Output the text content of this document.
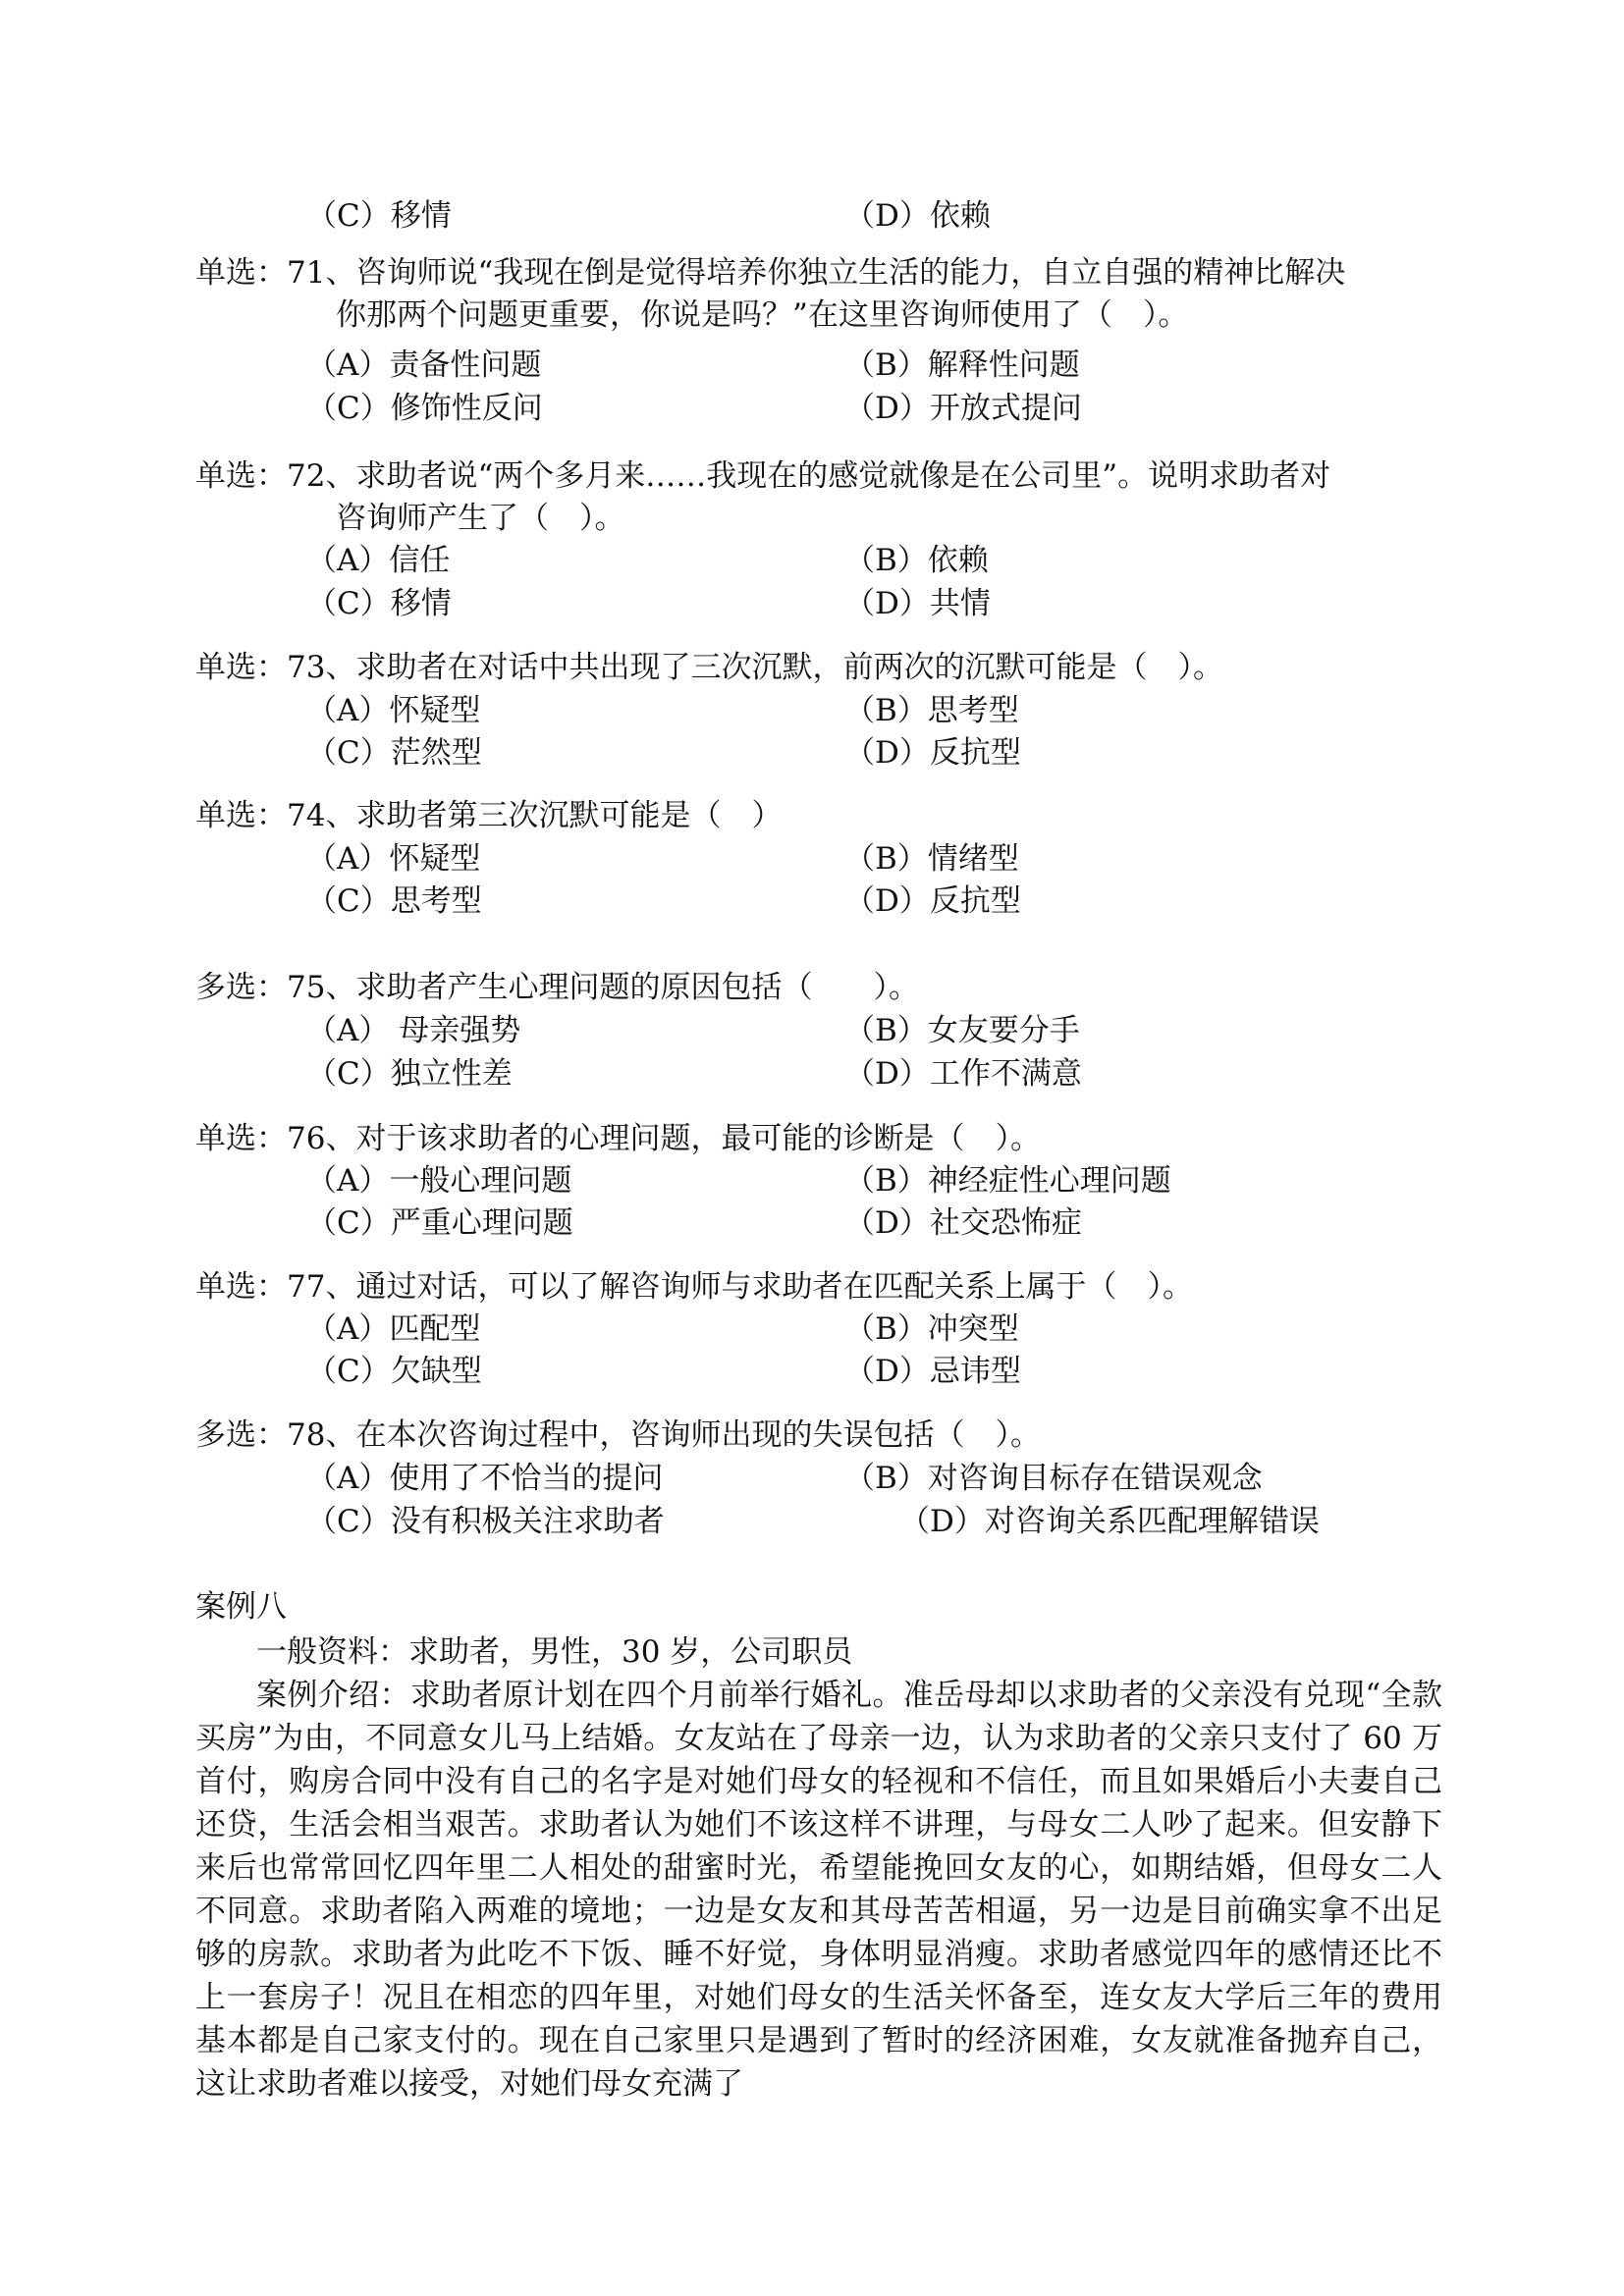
（C）移情	（D）依赖
单选：71、咨询师说“我现在倒是觉得培养你独立生活的能力，自立自强的精神比解决
你那两个问题更重要，你说是吗？”在这里咨询师使用了（　）。
（A）责备性问题	（B）解释性问题
（C）修饰性反问	（D）开放式提问
单选：72、求助者说“两个多月来……我现在的感觉就像是在公司里”。说明求助者对
咨询师产生了（　）。
（A）信任	（B）依赖
（C）移情	（D）共情
单选：73、求助者在对话中共出现了三次沉默，前两次的沉默可能是（　）。
（A）怀疑型	（B）思考型
（C）茫然型	（D）反抗型
单选：74、求助者第三次沉默可能是（　）
（A）怀疑型	（B）情绪型
（C）思考型	（D）反抗型
多选：75、求助者产生心理问题的原因包括（　　）。
（A） 母亲强势	（B）女友要分手
（C）独立性差	（D）工作不满意
单选：76、对于该求助者的心理问题，最可能的诊断是（　）。
（A）一般心理问题	（B）神经症性心理问题
（C）严重心理问题	（D）社交恐怖症
单选：77、通过对话，可以了解咨询师与求助者在匹配关系上属于（　）。
（A）匹配型	（B）冲突型
（C）欠缺型	（D）忌讳型
多选：78、在本次咨询过程中，咨询师出现的失误包括（　）。
（A）使用了不恰当的提问	（B）对咨询目标存在错误观念
（C）没有积极关注求助者	（D）对咨询关系匹配理解错误
案例八

一般资料：求助者，男性，30 岁，公司职员

案例介绍：求助者原计划在四个月前举行婚礼。准岳母却以求助者的父亲没有兑现“全款买房”为由，不同意女儿马上结婚。女友站在了母亲一边，认为求助者的父亲只支付了 60 万首付，购房合同中没有自己的名字是对她们母女的轻视和不信任，而且如果婚后小夫妻自己还贷，生活会相当艰苦。求助者认为她们不该这样不讲理，与母女二人吵了起来。但安静下来后也常常回忆四年里二人相处的甜蜜时光，希望能挽回女友的心，如期结婚，但母女二人不同意。求助者陷入两难的境地；一边是女友和其母苦苦相逼，另一边是目前确实拿不出足够的房款。求助者为此吃不下饭、睡不好觉，身体明显消瘦。求助者感觉四年的感情还比不上一套房子！况且在相恋的四年里，对她们母女的生活关怀备至，连女友大学后三年的费用基本都是自己家支付的。现在自己家里只是遇到了暂时的经济困难，女友就准备抛弃自己，这让求助者难以接受，对她们母女充满了
